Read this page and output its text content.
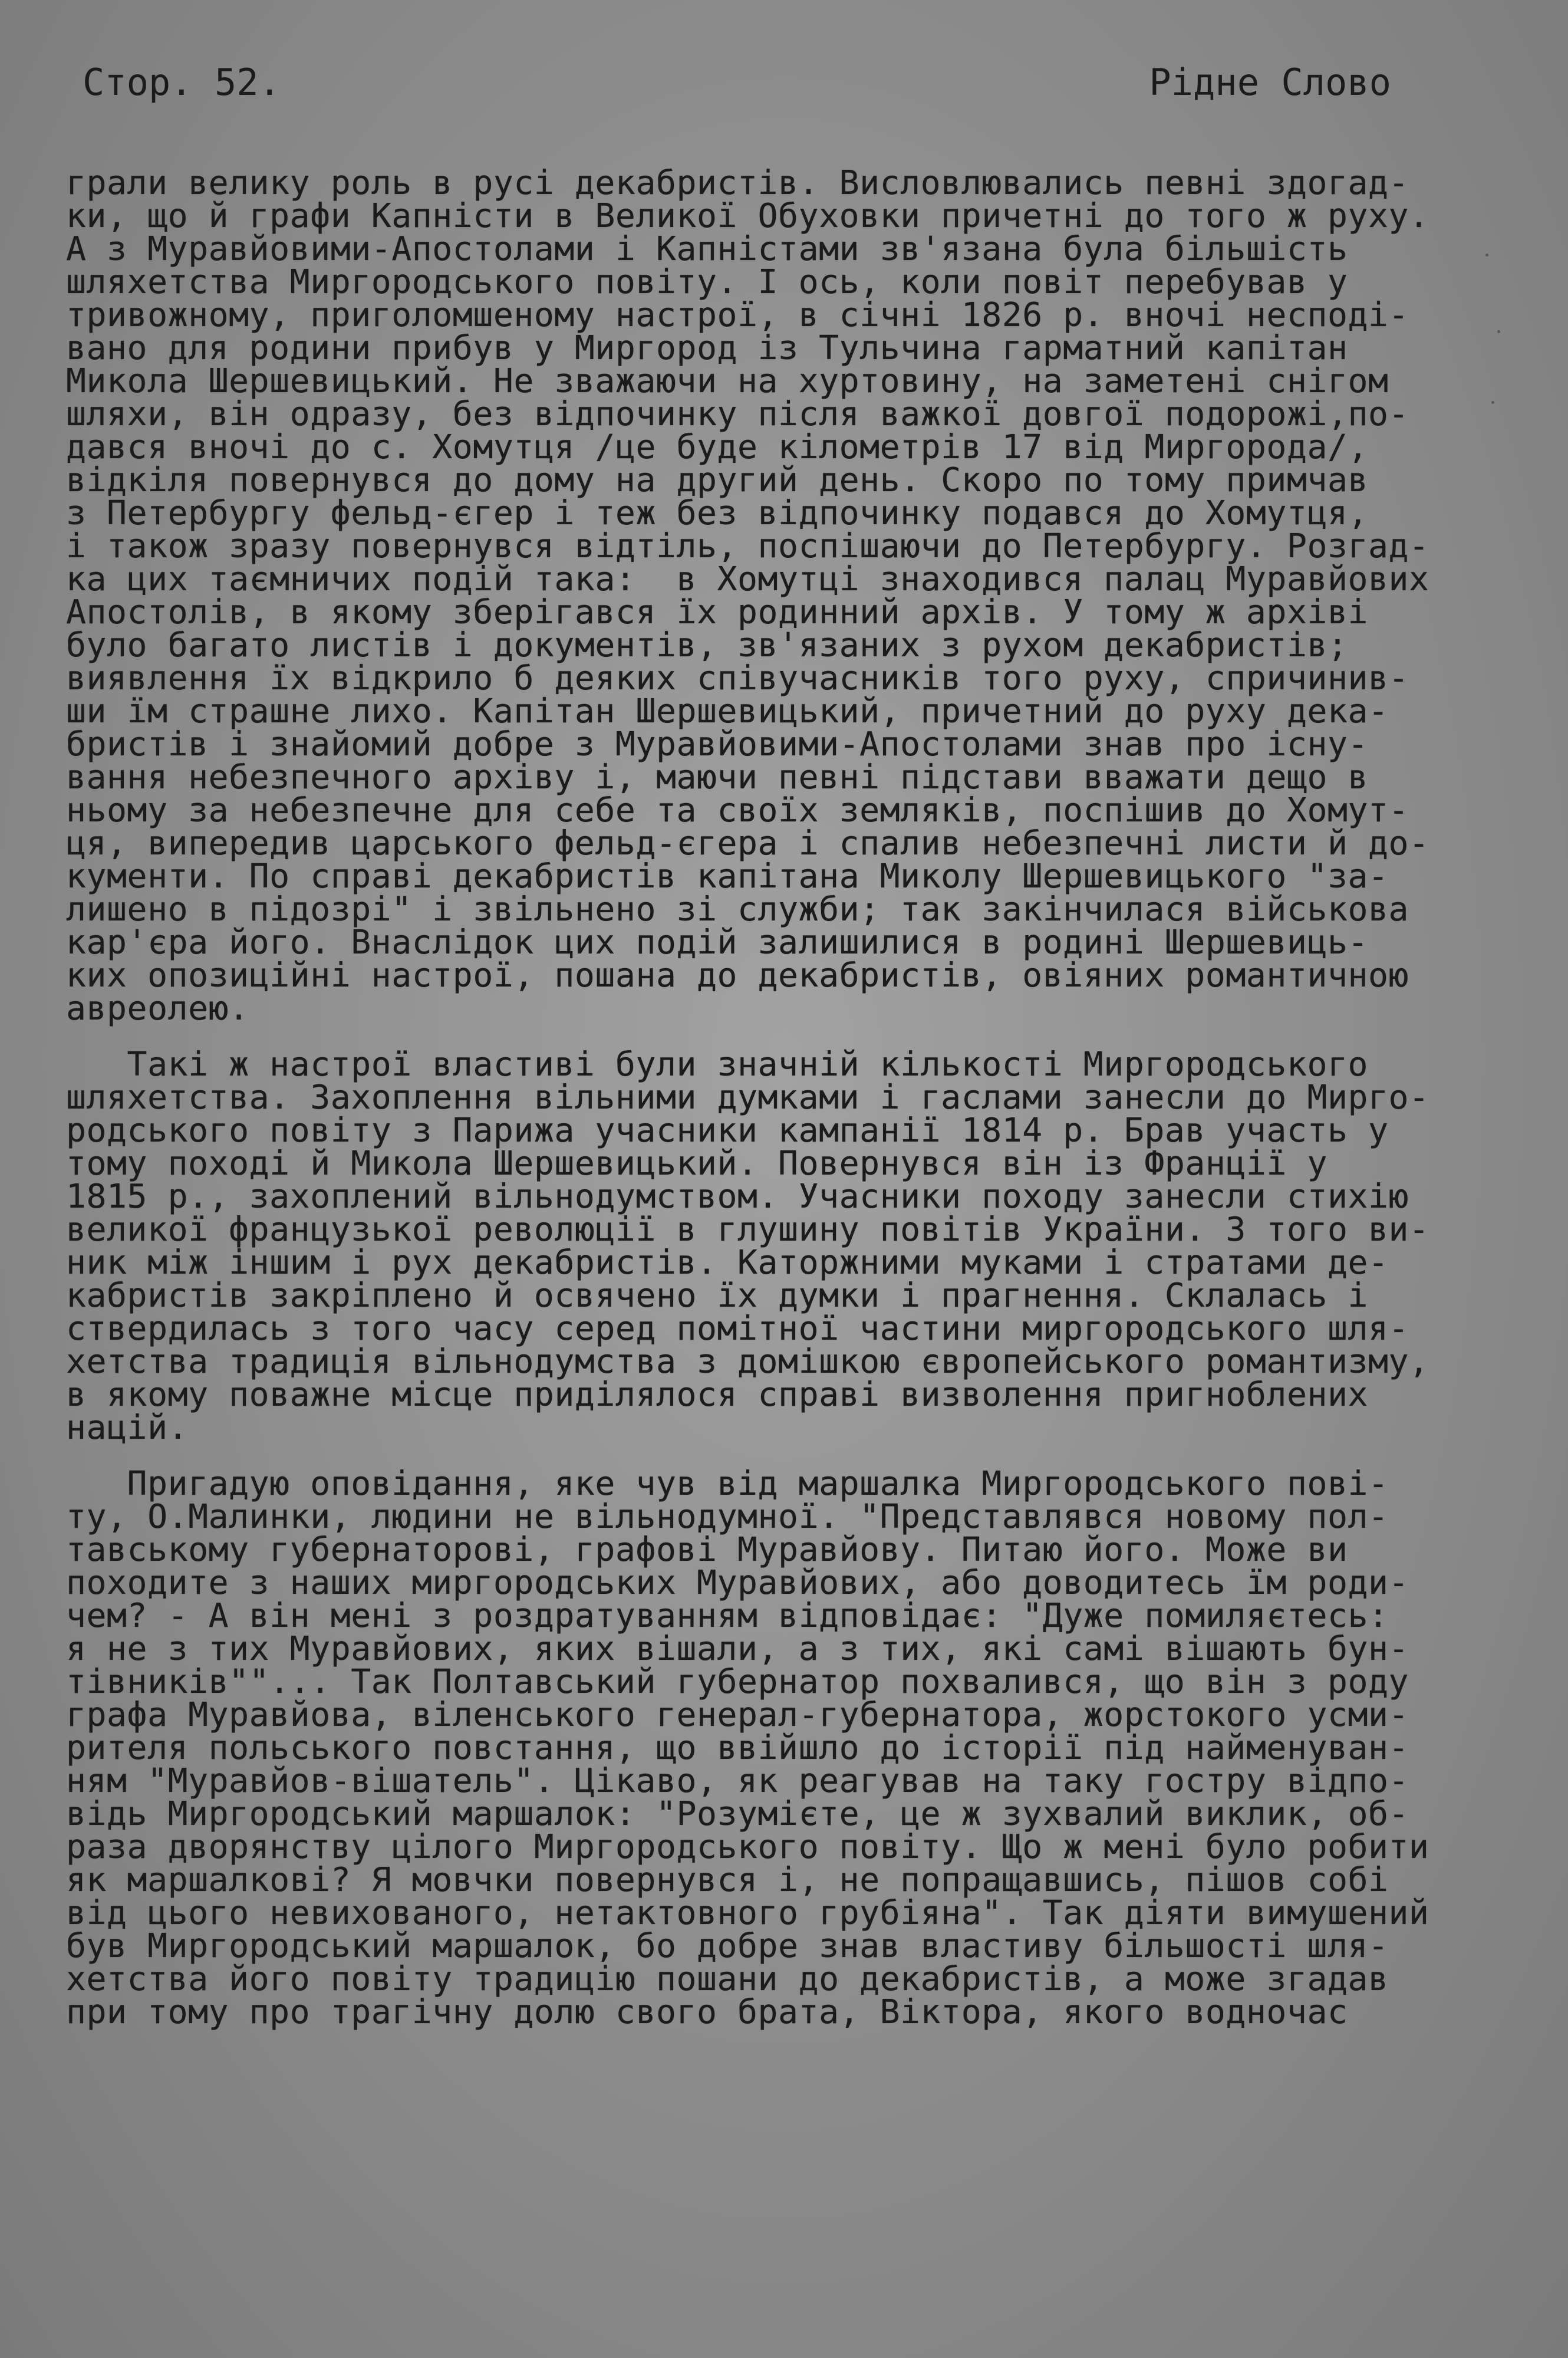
Стор. 52.	Рідне Слово
грали велику роль в русі декабристів. Висловлювались певні здогад-
ки, що й графи Капністи в Великої Обуховки причетні до того ж руху.
А з Муравйовими-Апостолами і Капністами зв'язана була більшість
шляхетства Миргородського повіту. І ось, коли повіт перебував у
тривожному, приголомшеному настрої, в січні 1826 р. вночі несподі-
вано для родини прибув у Миргород із Тульчина гарматний капітан
Микола Шершевицький. Не зважаючи на хуртовину, на заметені снігом
шляхи, він одразу, без відпочинку після важкої довгої подорожі,по-
дався вночі до с. Хомутця /це буде кілометрів 17 від Миргорода/,
відкіля повернувся до дому на другий день. Скоро по тому примчав
з Петербургу фельд-єгер і теж без відпочинку подався до Хомутця,
і також зразу повернувся відтіль, поспішаючи до Петербургу. Розгад-
ка цих таємничих подій така:  в Хомутці знаходився палац Муравйових
Апостолів, в якому зберігався їх родинний архів. У тому ж архіві
було багато листів і документів, зв'язаних з рухом декабристів;
виявлення їх відкрило б деяких співучасників того руху, спричинив-
ши їм страшне лихо. Капітан Шершевицький, причетний до руху дека-
бристів і знайомий добре з Муравйовими-Апостолами знав про існу-
вання небезпечного архіву і, маючи певні підстави вважати дещо в
ньому за небезпечне для себе та своїх земляків, поспішив до Хомут-
ця, випередив царського фельд-єгера і спалив небезпечні листи й до-
кументи. По справі декабристів капітана Миколу Шершевицького "за-
лишено в підозрі" і звільнено зі служби; так закінчилася військова
кар'єра його. Внаслідок цих подій залишилися в родині Шершевиць-
ких опозиційні настрої, пошана до декабристів, овіяних романтичною
авреолею.
Такі ж настрої властиві були значній кількості Миргородського
шляхетства. Захоплення вільними думками і гаслами занесли до Мирго-
родського повіту з Парижа учасники кампанії 1814 р. Брав участь у
тому поході й Микола Шершевицький. Повернувся він із Франції у
1815 р., захоплений вільнодумством. Учасники походу занесли стихію
великої французької революції в глушину повітів України. З того ви-
ник між іншим і рух декабристів. Каторжними муками і стратами де-
кабристів закріплено й освячено їх думки і прагнення. Склалась і
ствердилась з того часу серед помітної частини миргородського шля-
хетства традиція вільнодумства з домішкою європейського романтизму,
в якому поважне місце приділялося справі визволення пригноблених
націй.
Пригадую оповідання, яке чув від маршалка Миргородського пові-
ту, О.Малинки, людини не вільнодумної. "Представлявся новому пол-
тавському губернаторові, графові Муравйову. Питаю його. Може ви
походите з наших миргородських Муравйових, або доводитесь їм роди-
чем? - А він мені з роздратуванням відповідає: "Дуже помиляєтесь:
я не з тих Муравйових, яких вішали, а з тих, які самі вішають бун-
тівників""... Так Полтавський губернатор похвалився, що він з роду
графа Муравйова, віленського генерал-губернатора, жорстокого усми-
рителя польського повстання, що ввійшло до історії під найменуван-
ням "Муравйов-вішатель". Цікаво, як реагував на таку гостру відпо-
відь Миргородський маршалок: "Розумієте, це ж зухвалий виклик, об-
раза дворянству цілого Миргородського повіту. Що ж мені було робити
як маршалкові? Я мовчки повернувся і, не попращавшись, пішов собі
від цього невихованого, нетактовного грубіяна". Так діяти вимушений
був Миргородський маршалок, бо добре знав властиву більшості шля-
хетства його повіту традицію пошани до декабристів, а може згадав
при тому про трагічну долю свого брата, Віктора, якого водночас
